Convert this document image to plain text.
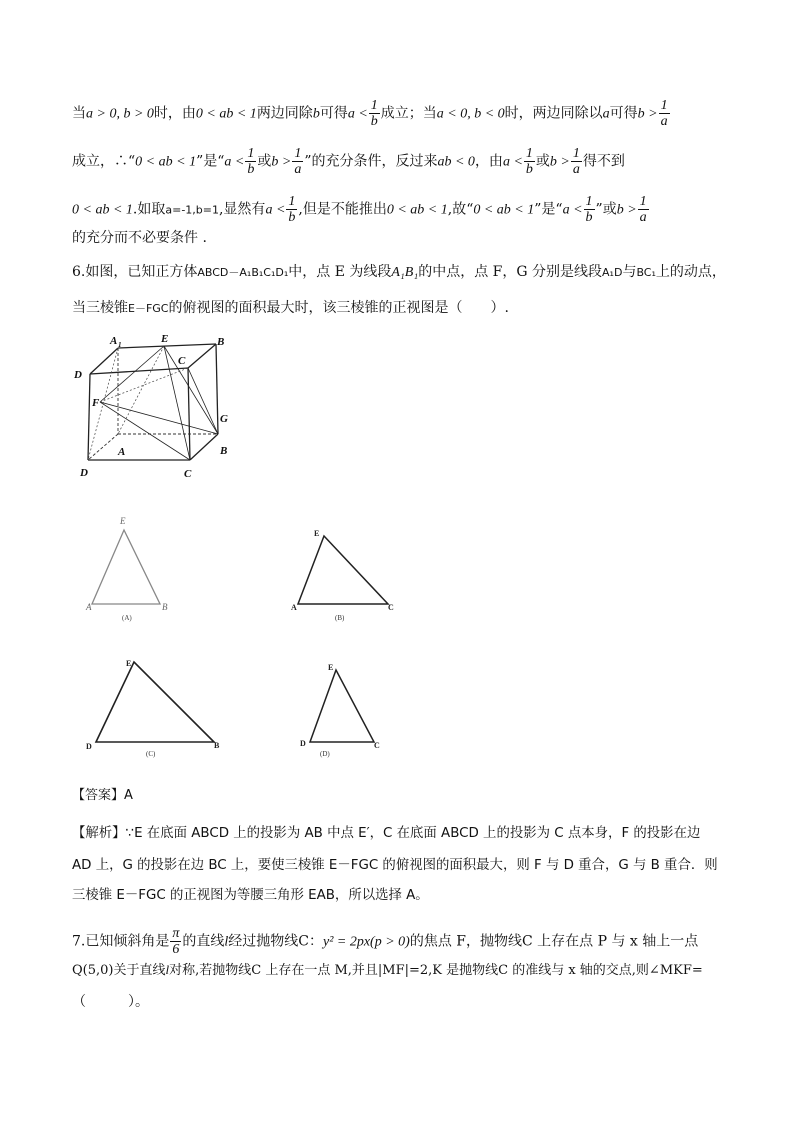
当a > 0, b > 0时，由0 < ab < 1两边同除b可得$a < \frac{1}{b}$ 成立；当a < 0, b < 0时，两边同除以a可得$b > \frac{1}{a}$
成立，∴“0 < ab < 1”是“$a < \frac{1}{b}$ 或$b > \frac{1}{a}$ ”的充分条件，反过来ab < 0，由$a < \frac{1}{b}$ 或$b > \frac{1}{a}$ 得不到
0 < ab < 1.如取a=-1,b=1,显然有$a < \frac{1}{b}$ ,但是不能推出0 < ab < 1,故“0 < ab < 1”是“$a < \frac{1}{b}$ ”或$b > \frac{1}{a}$
的充分而不必要条件 .
6.如图，已知正方体ABCD－A₁B₁C₁D₁中，点 E 为线段A₁B₁的中点，点 F，G 分别是线段A₁D与BC₁上的动点，
当三棱锥E－FGC的俯视图的面积最大时，该三棱锥的正视图是（　　）.
A 1	E
C
B
D
F
G
B
A
D	C
E
A	B
(A)
E
A	C
(B)
E
D	B
(C)
E
D	C
(D)
【答案】A
【解析】∵E 在底面 ABCD 上的投影为 AB 中点 E′，C 在底面 ABCD 上的投影为 C 点本身，F 的投影在边
AD 上，G 的投影在边 BC 上，要使三棱锥 E－FGC 的俯视图的面积最大，则 F 与 D 重合，G 与 B 重合．则
三棱锥 E－FGC 的正视图为等腰三角形 EAB，所以选择 A。
7.已知倾斜角是 $\frac{\pi}{6}$ 的直线l经过抛物线C：y² = 2px(p > 0)的焦点 F，抛物线C 上存在点 P 与 x 轴上一点
Q(5,0)关于直线l对称,若抛物线C 上存在一点 M,并且|MF|=2,K 是抛物线C 的准线与 x 轴的交点,则∠MKF=
（　　　）。
